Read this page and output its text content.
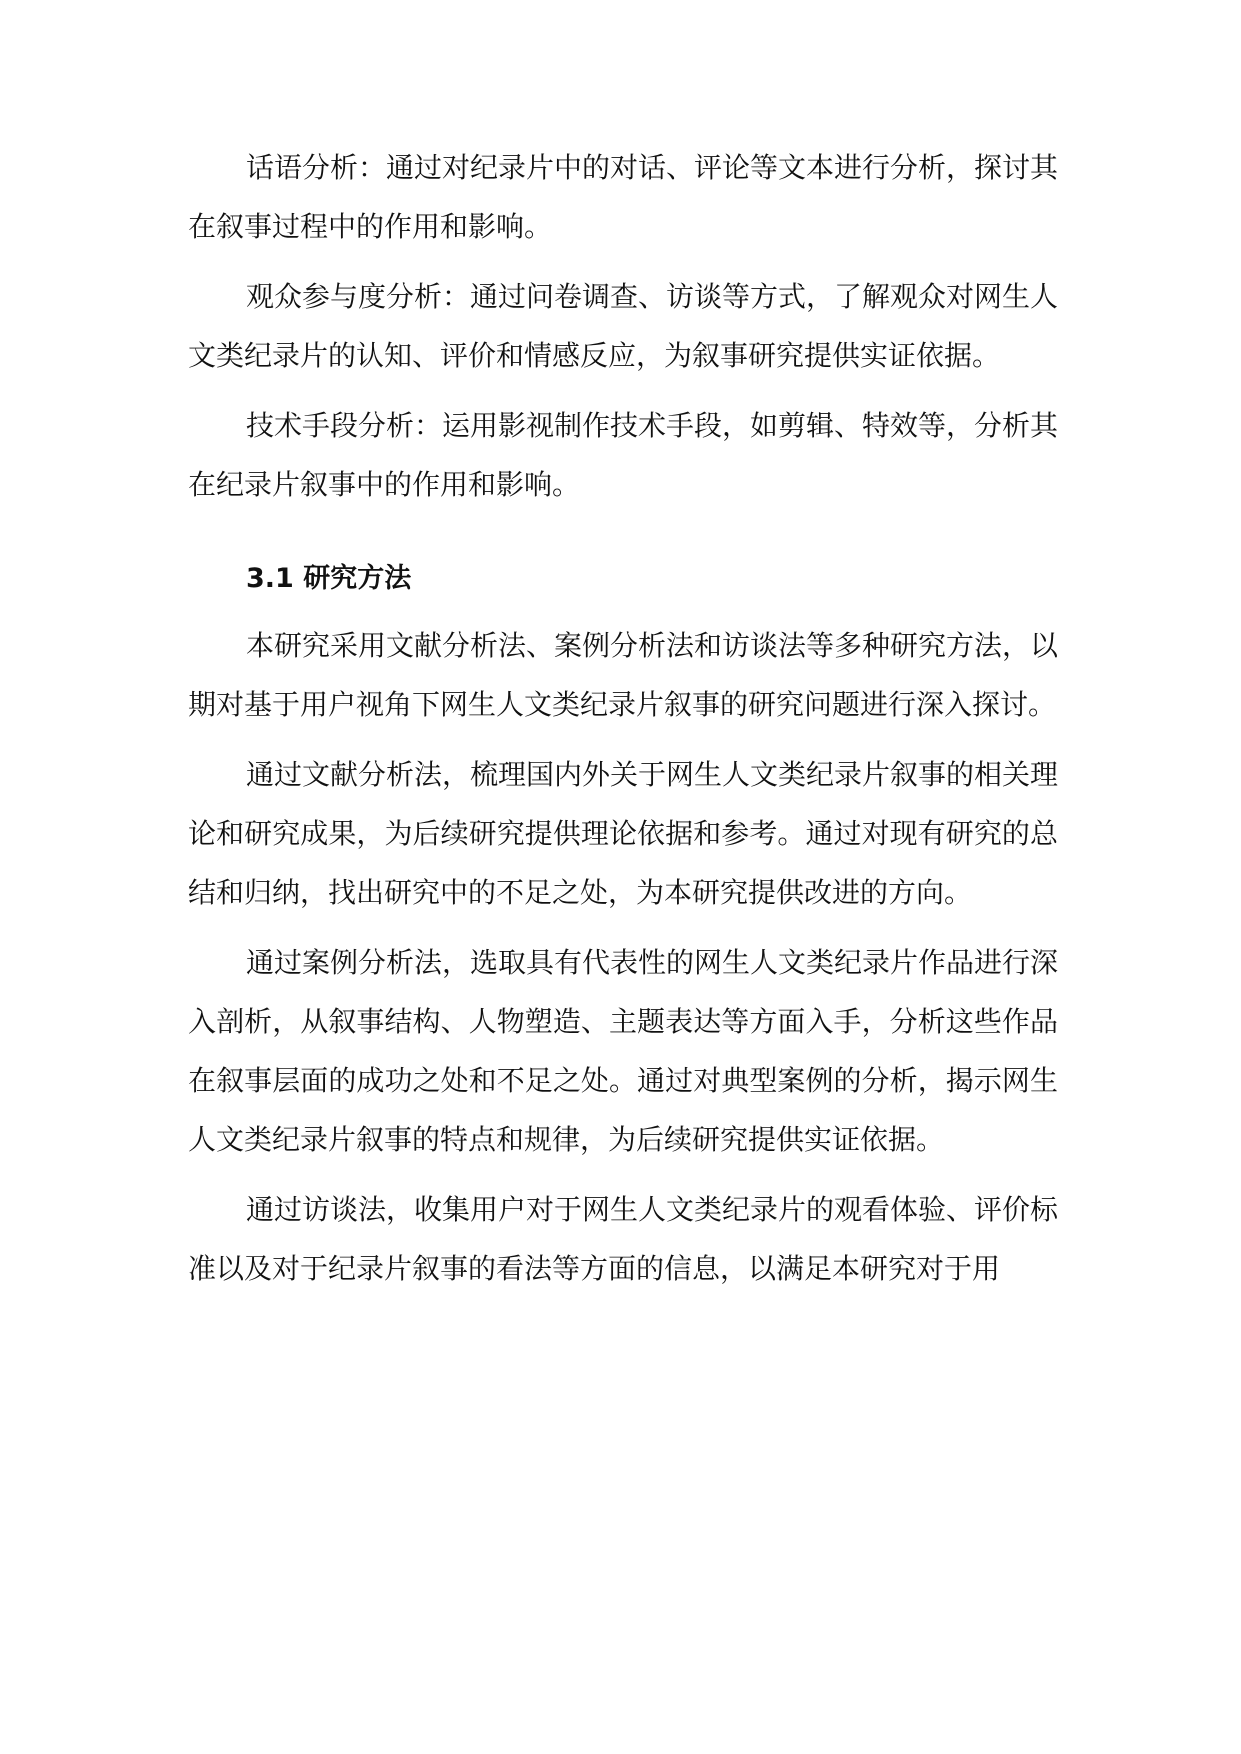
话语分析：通过对纪录片中的对话、评论等文本进行分析，探讨其在叙事过程中的作用和影响。

观众参与度分析：通过问卷调查、访谈等方式，了解观众对网生人文类纪录片的认知、评价和情感反应，为叙事研究提供实证依据。

技术手段分析：运用影视制作技术手段，如剪辑、特效等，分析其在纪录片叙事中的作用和影响。

3.1 研究方法

本研究采用文献分析法、案例分析法和访谈法等多种研究方法，以期对基于用户视角下网生人文类纪录片叙事的研究问题进行深入探讨。

通过文献分析法，梳理国内外关于网生人文类纪录片叙事的相关理论和研究成果，为后续研究提供理论依据和参考。通过对现有研究的总结和归纳，找出研究中的不足之处，为本研究提供改进的方向。

通过案例分析法，选取具有代表性的网生人文类纪录片作品进行深入剖析，从叙事结构、人物塑造、主题表达等方面入手，分析这些作品在叙事层面的成功之处和不足之处。通过对典型案例的分析，揭示网生人文类纪录片叙事的特点和规律，为后续研究提供实证依据。

通过访谈法，收集用户对于网生人文类纪录片的观看体验、评价标准以及对于纪录片叙事的看法等方面的信息，以满足本研究对于用
